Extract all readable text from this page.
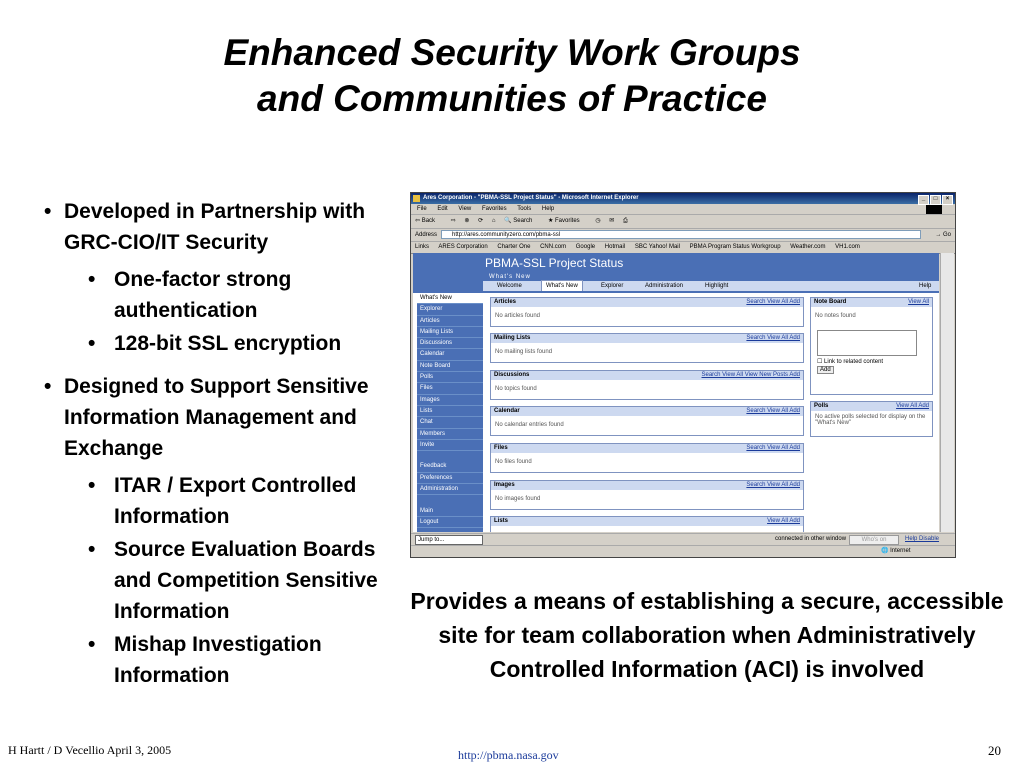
Enhanced Security Work Groups
and Communities of Practice
• Developed in Partnership with GRC-CIO/IT Security
• One-factor strong authentication
• 128-bit SSL encryption
• Designed to Support Sensitive Information Management and Exchange
• ITAR / Export Controlled Information
• Source Evaluation Boards and Competition Sensitive Information
• Mishap Investigation Information
Ares Corporation - "PBMA-SSL Project Status" - Microsoft Internet Explorer	_ □ ×
File Edit View Favorites Tools Help
⇦ Back	⇨ ⊗ ⟳ ⌂ 🔍 Search	★ Favorites	◷ ✉ ⎙
Address	http://ares.communityzero.com/pbma-ssl	→ Go
Links ARES Corporation Charter One CNN.com Google Hotmail SBC Yahoo! Mail PBMA Program Status Workgroup Weather.com VH1.com
PBMA-SSL Project Status
What's New
Welcome	What's New	Explorer	Administration	Highlight	Help
What's New
Explorer
Articles
Mailing Lists
Discussions
Calendar
Note Board
Polls
Files
Images
Lists
Chat
Members
Invite
Feedback
Preferences
Administration
Main
Logout
Articles	Search View All Add
No articles found
Mailing Lists	Search View All Add
No mailing lists found
Discussions	Search View All View New Posts Add
No topics found
Calendar	Search View All Add
No calendar entries found
Files	Search View All Add
No files found
Images	Search View All Add
No images found
Lists	View All Add
Note Board	View All
No notes found
☐ Link to related content
Add
Polls	View All Add
No active polls selected for display on the "What's New"
Jump to...	connected in other window	Who's on	Help Disable
🌐 Internet
Provides a means of establishing a secure, accessible site for team collaboration when Administratively Controlled Information (ACI) is involved
H Hartt / D Vecellio April 3, 2005	http://pbma.nasa.gov	20
